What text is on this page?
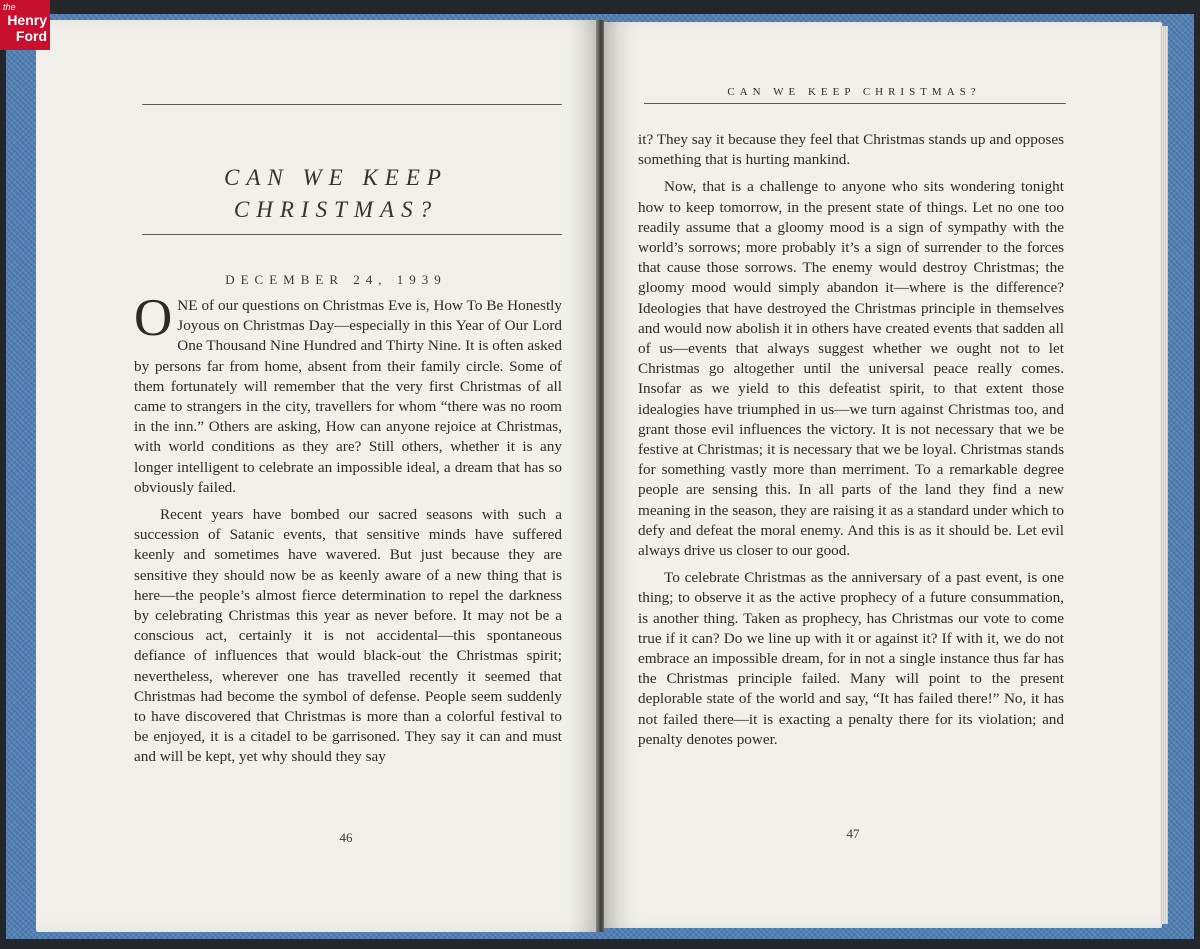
CAN WE KEEP
CHRISTMAS?
DECEMBER 24, 1939

ONE of our questions on Christmas Eve is, How To Be Honestly Joyous on Christmas Day—especially in this Year of Our Lord One Thousand Nine Hundred and Thirty Nine. It is often asked by persons far from home, absent from their family circle. Some of them fortunately will remember that the very first Christmas of all came to strangers in the city, travellers for whom “there was no room in the inn.” Others are asking, How can anyone rejoice at Christmas, with world conditions as they are? Still others, whether it is any longer intelligent to celebrate an impossible ideal, a dream that has so obviously failed.

Recent years have bombed our sacred seasons with such a succession of Satanic events, that sensitive minds have suffered keenly and sometimes have wavered. But just because they are sensitive they should now be as keenly aware of a new thing that is here—the people’s almost fierce determination to repel the darkness by celebrating Christmas this year as never before. It may not be a conscious act, certainly it is not accidental—this spontaneous defiance of influences that would black-out the Christmas spirit; nevertheless, wherever one has travelled recently it seemed that Christmas had become the symbol of defense. People seem suddenly to have discovered that Christmas is more than a colorful festival to be enjoyed, it is a citadel to be garrisoned. They say it can and must and will be kept, yet why should they say

46
CAN WE KEEP CHRISTMAS?

it? They say it because they feel that Christmas stands up and opposes something that is hurting mankind.

Now, that is a challenge to anyone who sits wondering tonight how to keep tomorrow, in the present state of things. Let no one too readily assume that a gloomy mood is a sign of sympathy with the world’s sorrows; more probably it’s a sign of surrender to the forces that cause those sorrows. The enemy would destroy Christmas; the gloomy mood would simply abandon it—where is the difference? Ideologies that have destroyed the Christmas principle in themselves and would now abolish it in others have created events that sadden all of us—events that always suggest whether we ought not to let Christmas go altogether until the universal peace really comes. Insofar as we yield to this defeatist spirit, to that extent those idealogies have triumphed in us—we turn against Christmas too, and grant those evil influences the victory. It is not necessary that we be festive at Christmas; it is necessary that we be loyal. Christmas stands for something vastly more than merriment. To a remarkable degree people are sensing this. In all parts of the land they find a new meaning in the season, they are raising it as a standard under which to defy and defeat the moral enemy. And this is as it should be. Let evil always drive us closer to our good.

To celebrate Christmas as the anniversary of a past event, is one thing; to observe it as the active prophecy of a future consummation, is another thing. Taken as prophecy, has Christmas our vote to come true if it can? Do we line up with it or against it? If with it, we do not embrace an impossible dream, for in not a single instance thus far has the Christmas principle failed. Many will point to the present deplorable state of the world and say, “It has failed there!” No, it has not failed there—it is exacting a penalty there for its violation; and penalty denotes power.

47
the
Henry
Ford
